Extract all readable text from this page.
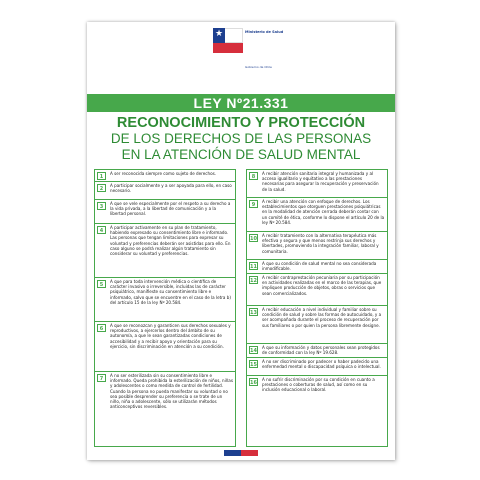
★
Ministerio de Salud
Gobierno de Chile
LEY Nº21.331
RECONOCIMIENTO Y PROTECCIÓN
DE LOS DERECHOS DE LAS PERSONAS
EN LA ATENCIÓN DE SALUD MENTAL
1
A ser reconocida siempre como sujeto de derechos.
2
A participar socialmente y a ser apoyada para ello, en caso necesario.
3
A que se vele especialmente por el respeto a su derecho a la vida privada, a la libertad de comunicación y a la libertad personal.
4
A participar activamente en su plan de tratamiento, habiendo expresado su consentimiento libre e informado. Las personas que tengan limitaciones para expresar su voluntad y preferencias deberán ser asistidas para ello. En caso alguno se podrá realizar algún tratamiento sin considerar su voluntad y preferencias.
5
A que para toda intervención médica o científica de carácter invasivo o irreversible, incluidas las de carácter psiquiátrico, manifieste su consentimiento libre e informado, salvo que se encuentre en el caso de la letra b) del artículo 15 de la ley Nº 20.584.
6
A que se reconozcan y garanticen sus derechos sexuales y reproductivos, a ejercerlos dentro del ámbito de su autonomía, a que le sean garantizadas condiciones de accesibilidad y a recibir apoyo y orientación para su ejercicio, sin discriminación en atención a su condición.
7
A no ser esterilizada sin su consentimiento libre e informado. Queda prohibida la esterilización de niños, niñas y adolescentes o como medida de control de fertilidad. Cuando la persona no pueda manifestar su voluntad o no sea posible desprender su preferencia o se trate de un niño, niña o adolescente, sólo se utilizarán métodos anticonceptivos reversibles.
8
A recibir atención sanitaria integral y humanizada y al acceso igualitario y equitativo a las prestaciones necesarias para asegurar la recuperación y preservación de la salud.
9
A recibir una atención con enfoque de derechos. Los establecimientos que otorguen prestaciones psiquiátricas en la modalidad de atención cerrada deberán contar con un comité de ética, conforme lo dispone el artículo 20 de la ley Nº 20.584.
10
A recibir tratamiento con la alternativa terapéutica más efectiva y segura y que menos restrinja sus derechos y libertades, promoviendo la integración familiar, laboral y comunitaria.
11
A que su condición de salud mental no sea considerada inmodificable.
12
A recibir contraprestación pecuniaria por su participación en actividades realizadas en el marco de las terapias, que impliquen producción de objetos, obras o servicios que sean comercializados.
13
A recibir educación a nivel individual y familiar sobre su condición de salud y sobre las formas de autocuidado, y a ser acompañada durante el proceso de recuperación por sus familiares o por quien la persona libremente designe.
14
A que su información y datos personales sean protegidos de conformidad con la ley Nº 19.628.
15
A no ser discriminado por padecer o haber padecido una enfermedad mental o discapacidad psíquica o intelectual.
16
A no sufrir discriminación por su condición en cuanto a prestaciones o coberturas de salud, así como en su inclusión educacional o laboral.
